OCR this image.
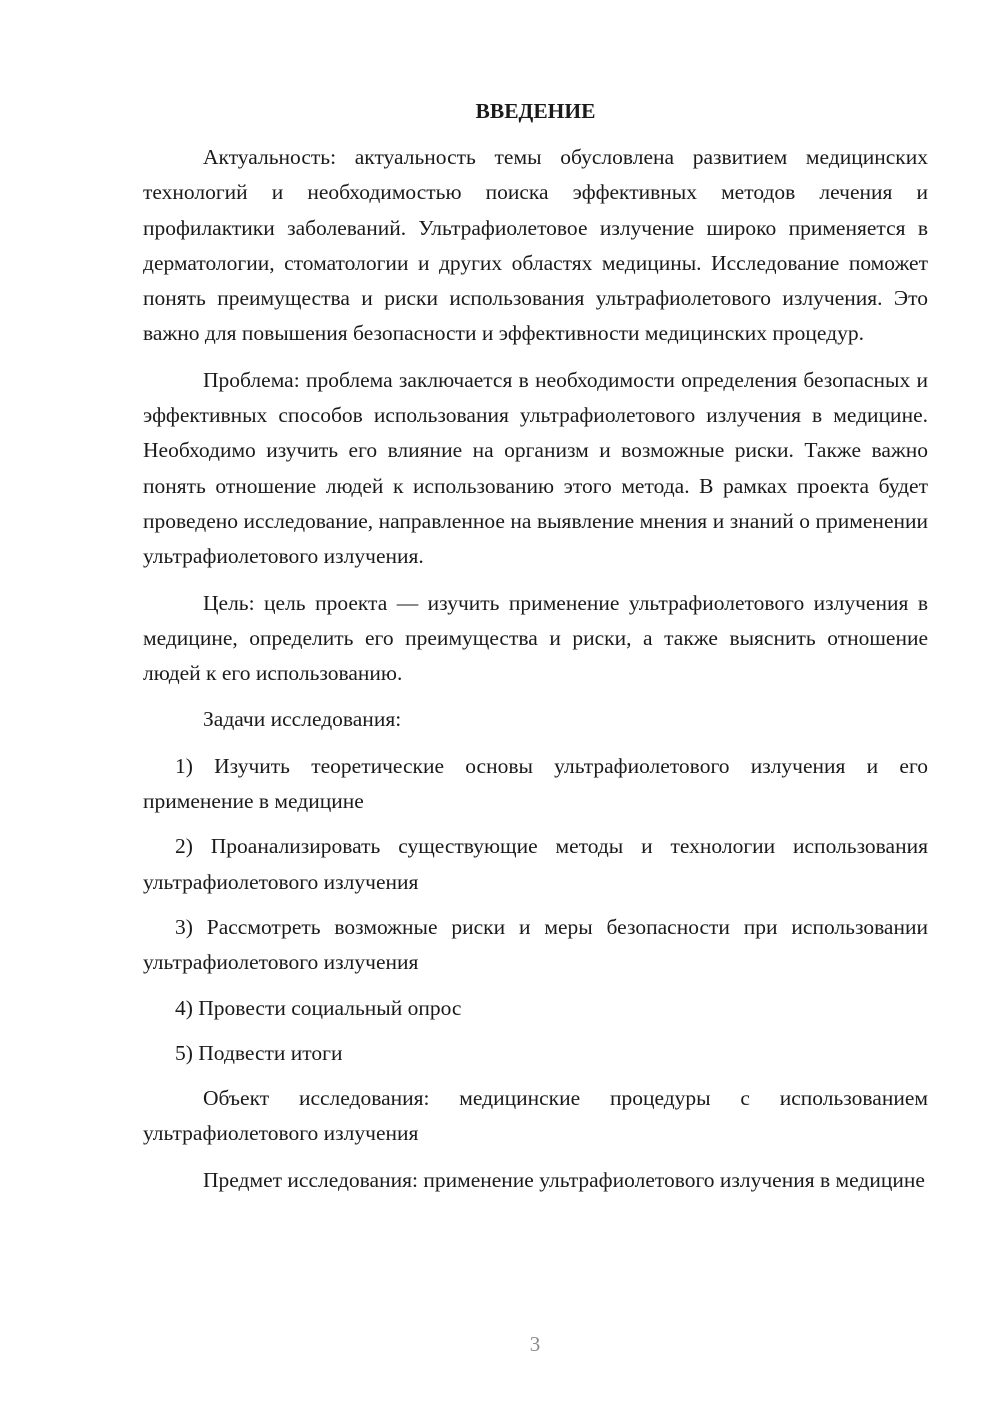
ВВЕДЕНИЕ

Актуальность: актуальность темы обусловлена развитием медицинских технологий и необходимостью поиска эффективных методов лечения и профилактики заболеваний. Ультрафиолетовое излучение широко применяется в дерматологии, стоматологии и других областях медицины. Исследование поможет понять преимущества и риски использования ультрафиолетового излучения. Это важно для повышения безопасности и эффективности медицинских процедур.

Проблема: проблема заключается в необходимости определения безопасных и эффективных способов использования ультрафиолетового излучения в медицине. Необходимо изучить его влияние на организм и возможные риски. Также важно понять отношение людей к использованию этого метода. В рамках проекта будет проведено исследование, направленное на выявление мнения и знаний о применении ультрафиолетового излучения.

Цель: цель проекта — изучить применение ультрафиолетового излучения в медицине, определить его преимущества и риски, а также выяснить отношение людей к его использованию.

Задачи исследования:

1) Изучить теоретические основы ультрафиолетового излучения и его применение в медицине

2) Проанализировать существующие методы и технологии использования ультрафиолетового излучения

3) Рассмотреть возможные риски и меры безопасности при использовании ультрафиолетового излучения

4) Провести социальный опрос

5) Подвести итоги

Объект исследования: медицинские процедуры с использованием ультрафиолетового излучения

Предмет исследования: применение ультрафиолетового излучения в медицине

3
